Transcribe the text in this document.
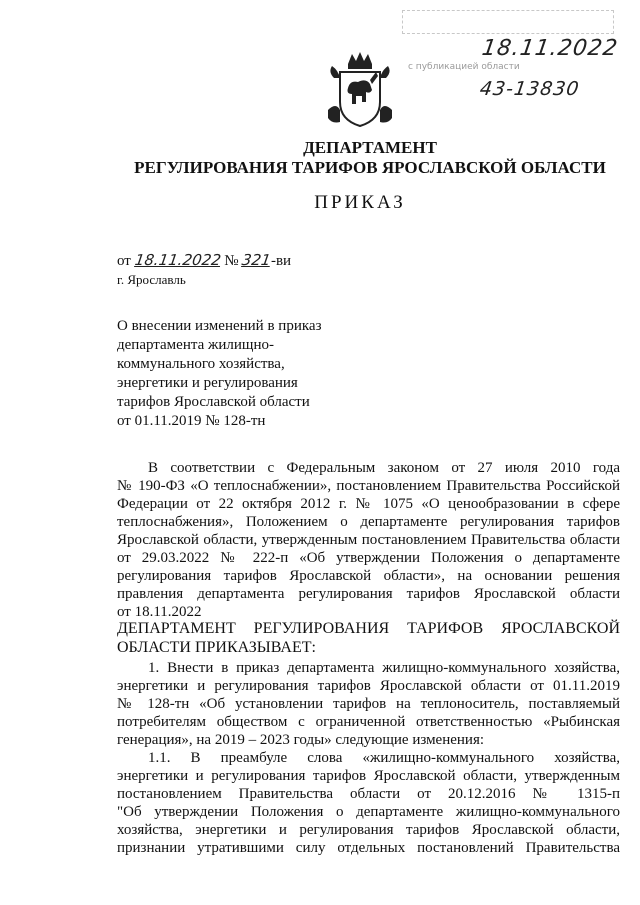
18.11.2022
с публикацией области
43-13830
ДЕПАРТАМЕНТ
РЕГУЛИРОВАНИЯ ТАРИФОВ ЯРОСЛАВСКОЙ ОБЛАСТИ
ПРИКАЗ
от 18.11.2022 № 321-ви
г. Ярославль
О внесении изменений в приказ
департамента жилищно-
коммунального хозяйства,
энергетики и регулирования
тарифов Ярославской области
от 01.11.2019 № 128-тн
В соответствии с Федеральным законом от 27 июля 2010 года
№ 190-ФЗ «О теплоснабжении», постановлением Правительства Российской
Федерации от 22 октября 2012 г. № 1075 «О ценообразовании в сфере
теплоснабжения», Положением о департаменте регулирования тарифов
Ярославской области, утвержденным постановлением Правительства области
от 29.03.2022 № 222-п «Об утверждении Положения о департаменте
регулирования тарифов Ярославской области», на основании решения
правления департамента регулирования тарифов Ярославской области
от 18.11.2022
ДЕПАРТАМЕНТ РЕГУЛИРОВАНИЯ ТАРИФОВ ЯРОСЛАВСКОЙ
ОБЛАСТИ ПРИКАЗЫВАЕТ:
1. Внести в приказ департамента жилищно-коммунального хозяйства,
энергетики и регулирования тарифов Ярославской области от 01.11.2019
№ 128-тн «Об установлении тарифов на теплоноситель, поставляемый
потребителям обществом с ограниченной ответственностью «Рыбинская
генерация», на 2019 – 2023 годы» следующие изменения:
1.1. В преамбуле слова «жилищно-коммунального хозяйства,
энергетики и регулирования тарифов Ярославской области, утвержденным
постановлением Правительства области от 20.12.2016 № 1315-п
"Об утверждении Положения о департаменте жилищно-коммунального
хозяйства, энергетики и регулирования тарифов Ярославской области,
признании утратившими силу отдельных постановлений Правительства
